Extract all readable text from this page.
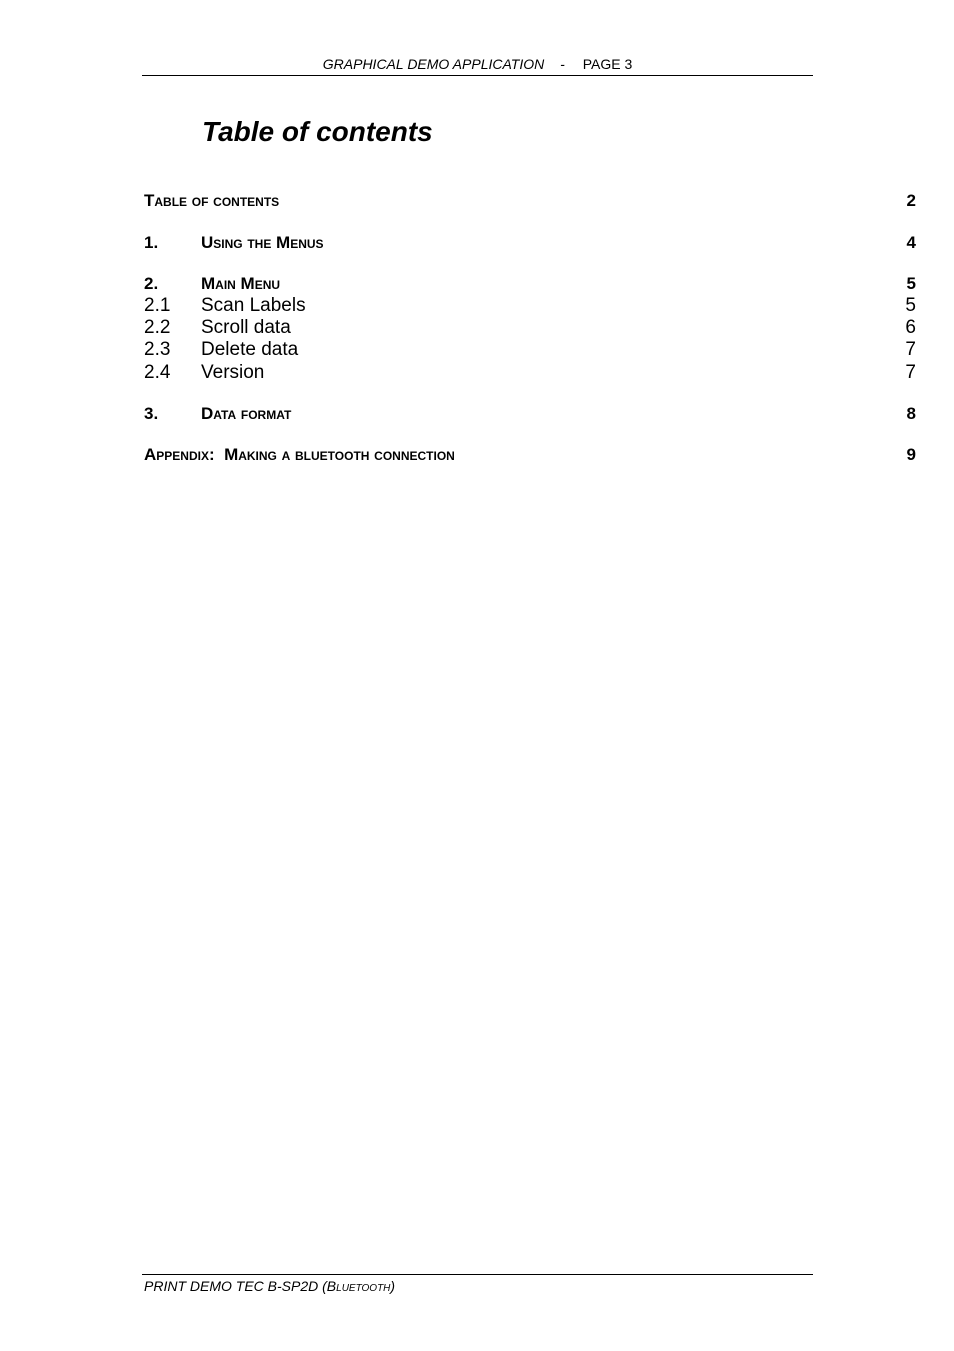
GRAPHICAL DEMO APPLICATION - PAGE 3
Table of contents
Table of contents	2
1.	Using the Menus	4
2.	Main Menu	5
2.1 Scan Labels	5
2.2 Scroll data	6
2.3 Delete data	7
2.4 Version	7
3.	Data format	8
Appendix:  Making a bluetooth connection	9
PRINT DEMO TEC B-SP2D (Bluetooth)
